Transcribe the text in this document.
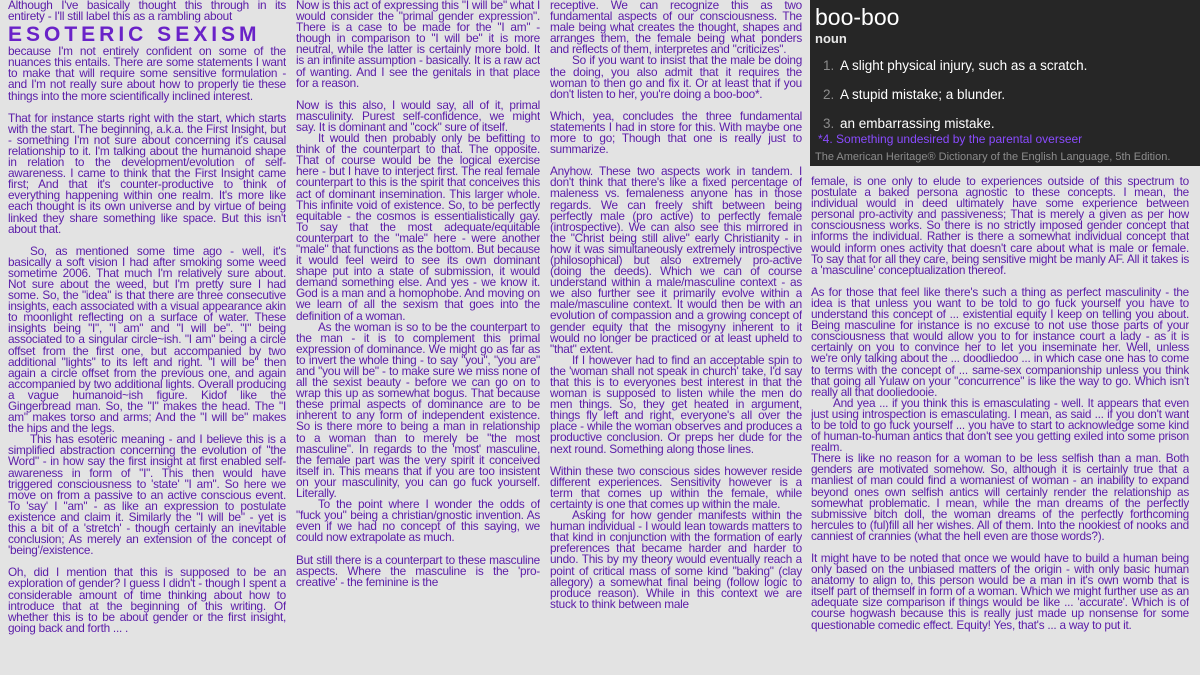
Although I've basically thought this through in its entirety - I'll still label this as a rambling about

ESOTERIC SEXISM

because I'm not entirely confident on some of the nuances this entails. There are some statements I want to make that will require some sensitive formulation - and I'm not really sure about how to properly tie these things into the more scientifically inclined interest.

That for instance starts right with the start, which starts with the start. The beginning, a.k.a. the First Insight, but - something I'm not sure about concerning it's causal relationship to it. I'm talking about the humanoid shape in relation to the development/evolution of self-awareness. I came to think that the First Insight came first; And that it's counter-productive to think of everything happening within one realm. It's more like each thought is its own universe and by virtue of being linked they share something like space. But this isn't about that.

So, as mentioned some time ago - well, it's basically a soft vision I had after smoking some weed sometime 2006. That much I'm relatively sure about. Not sure about the weed, but I'm pretty sure I had some. So, the "idea" is that there are three consecutive insights, each associated with a visual appearance akin to moonlight reflecting on a surface of water. These insights being "I", "I am" and "I will be". "I" being associated to a singular circle~ish. "I am" being a circle offset from the first one, but accompanied by two additional "lights" to its left and right. "I will be" then again a circle offset from the previous one, and again accompanied by two additional lights. Overall producing a vague humanoid~ish figure. Kidof like the Gingerbread man. So, the "I" makes the head. The "I am" makes torso and arms; And the "I will be" makes the hips and the legs.

This has esoteric meaning - and I believe this is a simplified abstraction concerning the evolution of "the Word" - in how say the first insight at first enabled self-awareness in form of "I". This then would have triggered consciousness to 'state' "I am". So here we move on from a passive to an active conscious event. To 'say' I "am" - as like an expression to postulate existence and claim it. Similarly the "I will be" - yet is this a bit of a 'stretch' - though certainly an inevitable conclusion; As merely an extension of the concept of 'being'/existence.

Oh, did I mention that this is supposed to be an exploration of gender? I guess I didn't - though I spent a considerable amount of time thinking about how to introduce that at the beginning of this writing. Of whether this is to be about gender or the first insight, going back and forth ... .

Now is this act of expressing this "I will be" what I would consider the "primal gender expression". There is a case to be made for the "I am" - though in comparison to "I will be" it is more neutral, while the latter is certainly more bold. It is an infinite assumption - basically. It is a raw act of wanting. And I see the genitals in that place for a reason.

Now is this also, I would say, all of it, primal masculinity. Purest self-confidence, we might say. It is dominant and "cock" sure of itself.

It would then probably only be befitting to think of the counterpart to that. The opposite. That of course would be the logical exercise here - but I have to interject first. The real female counterpart to this is the spirit that conceives this act of dominant insemination. This larger whole. This infinite void of existence. So, to be perfectly equitable - the cosmos is essentialistically gay. To say that the most adequate/equitable counterpart to the "male" here - were another "male" that functions as the bottom. But because it would feel weird to see its own dominant shape put into a state of submission, it would demand something else. And yes - we know it. God is a man and a homophobe. And moving on we learn of all the sexism that goes into the definition of a woman.

As the woman is so to be the counterpart to the man - it is to complement this primal expression of dominance. We might go as far as to invert the whole thing - to say "you", "you are" and "you will be" - to make sure we miss none of all the sexist beauty - before we can go on to wrap this up as somewhat bogus. That because these primal aspects of dominance are to be inherent to any form of independent existence. So is there more to being a man in relationship to a woman than to merely be "the most masculine". In regards to the 'most' masculine, the female part was the very spirit it conceived itself in. This means that if you are too insistent on your masculinity, you can go fuck yourself. Literally.

To the point where I wonder the odds of "fuck you" being a christian/gnostic invention. As even if we had no concept of this saying, we could now extrapolate as much.

But still there is a counterpart to these masculine aspects. Where the masculine is the 'pro-creative' - the feminine is the

receptive. We can recognize this as two fundamental aspects of our consciousness. The male being what creates the thought, shapes and arranges them, the female being what ponders and reflects of them, interpretes and "criticizes".

So if you want to insist that the male be doing the doing, you also admit that it requires the woman to then go and fix it. Or at least that if you don't listen to her, you're doing a boo-boo*.

Which, yea, concludes the three fundamental statements I had in store for this. With maybe one more to go; Though that one is really just to summarize.

Anyhow. These two aspects work in tandem. I don't think that there's like a fixed percentage of maleness vs. femaleness anyone has in those regards. We can freely shift between being perfectly male (pro active) to perfectly female (introspective). We can also see this mirrored in the "Christ being still alive" early Christianity - in how it was simultaneously extremely introspective (philosophical) but also extremely pro-active (doing the deeds). Which we can of course understand within a male/masculine context - as we also further see it primarily evolve within a male/masculine context. It would then be with an evolution of compassion and a growing concept of gender equity that the misogyny inherent to it would no longer be practiced or at least upheld to "that" extent.

If I however had to find an acceptable spin to the 'woman shall not speak in church' take, I'd say that this is to everyones best interest in that the woman is supposed to listen while the men do men things. So, they get heated in argument, things fly left and right, everyone's all over the place - while the woman observes and produces a productive conclusion. Or preps her dude for the next round. Something along those lines.

Within these two conscious sides however reside different experiences. Sensitivity however is a term that comes up within the female, while certainty is one that comes up within the male.

Asking for how gender manifests within the human individual - I would lean towards matters to that kind in conjunction with the formation of early preferences that became harder and harder to undo. This by my theory would eventually reach a point of critical mass of some kind "baking" (clay allegory) a somewhat final being (follow logic to produce reason). While in this context we are stuck to think between male

boo-boo
noun
1. A slight physical injury, such as a scratch.
2. A stupid mistake; a blunder.
3. an embarrassing mistake.
*4. Something undesired by the parental overseer
The American Heritage® Dictionary of the English Language, 5th Edition.

female, is one only to elude to experiences outside of this spectrum to postulate a baked persona agnostic to these concepts. I mean, the individual would in deed ultimately have some experience between personal pro-activity and passiveness; That is merely a given as per how consciousness works. So there is no strictly imposed gender concept that informs the individual. Rather is there a somewhat individual concept that would inform ones activity that doesn't care about what is male or female. To say that for all they care, being sensitive might be manly AF. All it takes is a 'masculine' conceptualization thereof.

As for those that feel like there's such a thing as perfect masculinity - the idea is that unless you want to be told to go fuck yourself you have to understand this concept of ... existential equity I keep on telling you about. Being masculine for instance is no excuse to not use those parts of your consciousness that would allow you to for instance court a lady - as it is certainly on you to convince her to let you inseminate her. Well, unless we're only talking about the ... doodliedoo ... in which case one has to come to terms with the concept of ... same-sex companionship unless you think that going all Yulaw on your "concurrence" is like the way to go. Which isn't really all that dooliedooie.

And yea ... if you think this is emasculating - well. It appears that even just using introspection is emasculating. I mean, as said ... if you don't want to be told to go fuck yourself ... you have to start to acknowledge some kind of human-to-human antics that don't see you getting exiled into some prison realm.

There is like no reason for a woman to be less selfish than a man. Both genders are motivated somehow. So, although it is certainly true that a manliest of man could find a womaniest of woman - an inability to expand beyond ones own selfish antics will certainly render the relationship as somewhat problematic. I mean, while the man dreams of the perfectly submissive bitch doll, the woman dreams of the perfectly forthcoming hercules to (ful)fill all her wishes. All of them. Into the nookiest of nooks and canniest of crannies (what the hell even are those words?).

It might have to be noted that once we would have to build a human being only based on the unbiased matters of the origin - with only basic human anatomy to align to, this person would be a man in it's own womb that is itself part of themself in form of a woman. Which we might further use as an adequate size comparison if things would be like ... 'accurate'. Which is of course hogwash because this is really just made up nonsense for some questionable comedic effect. Equity! Yes, that's ... a way to put it.
